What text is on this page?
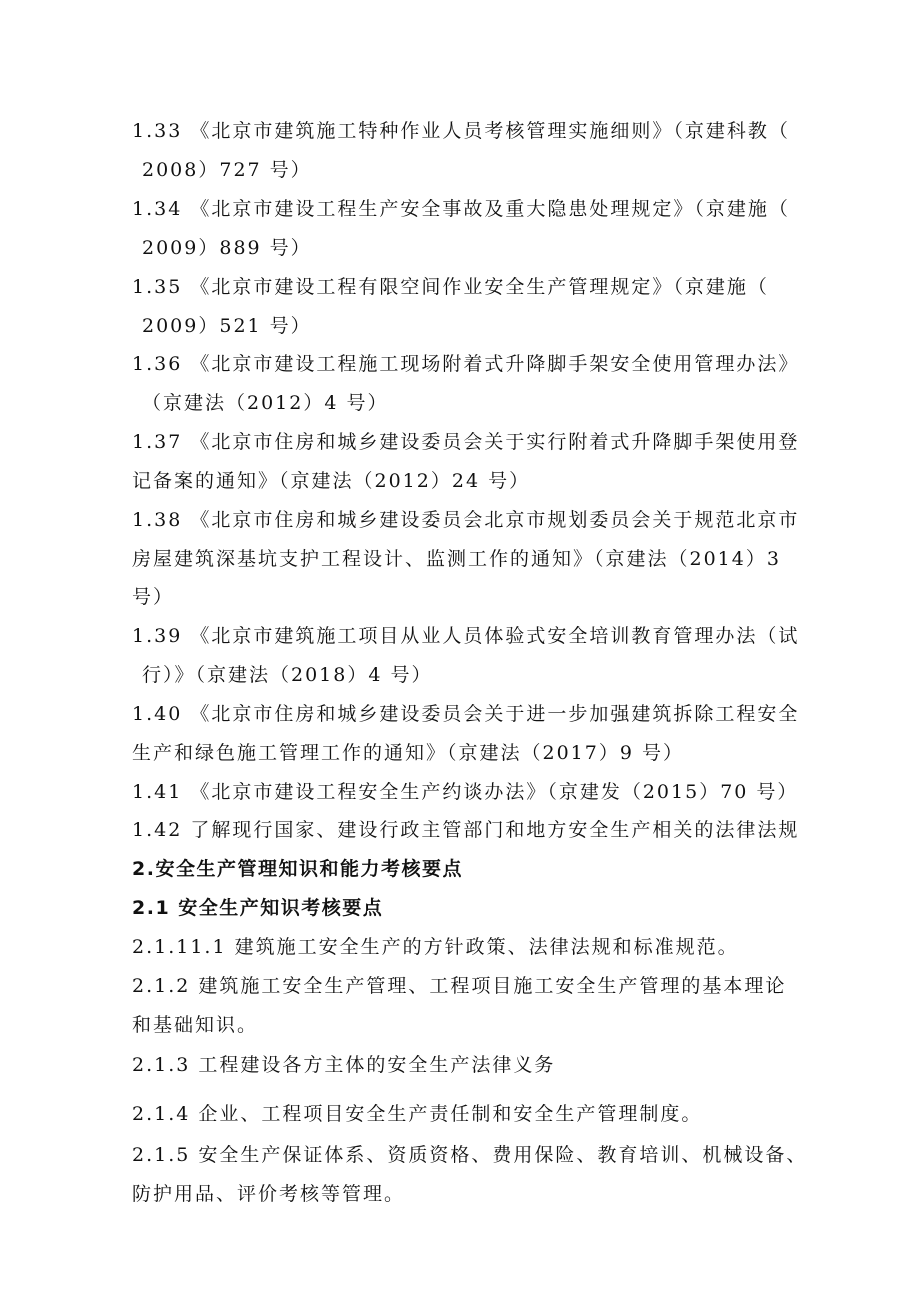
1.33 《北京市建筑施工特种作业人员考核管理实施细则》（京建科教（
2008）727 号）
1.34 《北京市建设工程生产安全事故及重大隐患处理规定》（京建施（
2009）889 号）
1.35 《北京市建设工程有限空间作业安全生产管理规定》（京建施（
2009）521 号）
1.36 《北京市建设工程施工现场附着式升降脚手架安全使用管理办法》
（京建法（2012）4 号）
1.37 《北京市住房和城乡建设委员会关于实行附着式升降脚手架使用登
记备案的通知》（京建法（2012）24 号）
1.38 《北京市住房和城乡建设委员会北京市规划委员会关于规范北京市
房屋建筑深基坑支护工程设计、监测工作的通知》（京建法（2014）3
号）
1.39 《北京市建筑施工项目从业人员体验式安全培训教育管理办法（试
行）》（京建法（2018）4 号）
1.40 《北京市住房和城乡建设委员会关于进一步加强建筑拆除工程安全
生产和绿色施工管理工作的通知》（京建法（2017）9 号）
1.41 《北京市建设工程安全生产约谈办法》（京建发（2015）70 号）
1.42 了解现行国家、建设行政主管部门和地方安全生产相关的法律法规
2.安全生产管理知识和能力考核要点
2.1 安全生产知识考核要点
2.1.11.1 建筑施工安全生产的方针政策、法律法规和标准规范。
2.1.2 建筑施工安全生产管理、工程项目施工安全生产管理的基本理论
和基础知识。
2.1.3 工程建设各方主体的安全生产法律义务
2.1.4 企业、工程项目安全生产责任制和安全生产管理制度。
2.1.5 安全生产保证体系、资质资格、费用保险、教育培训、机械设备、
防护用品、评价考核等管理。
